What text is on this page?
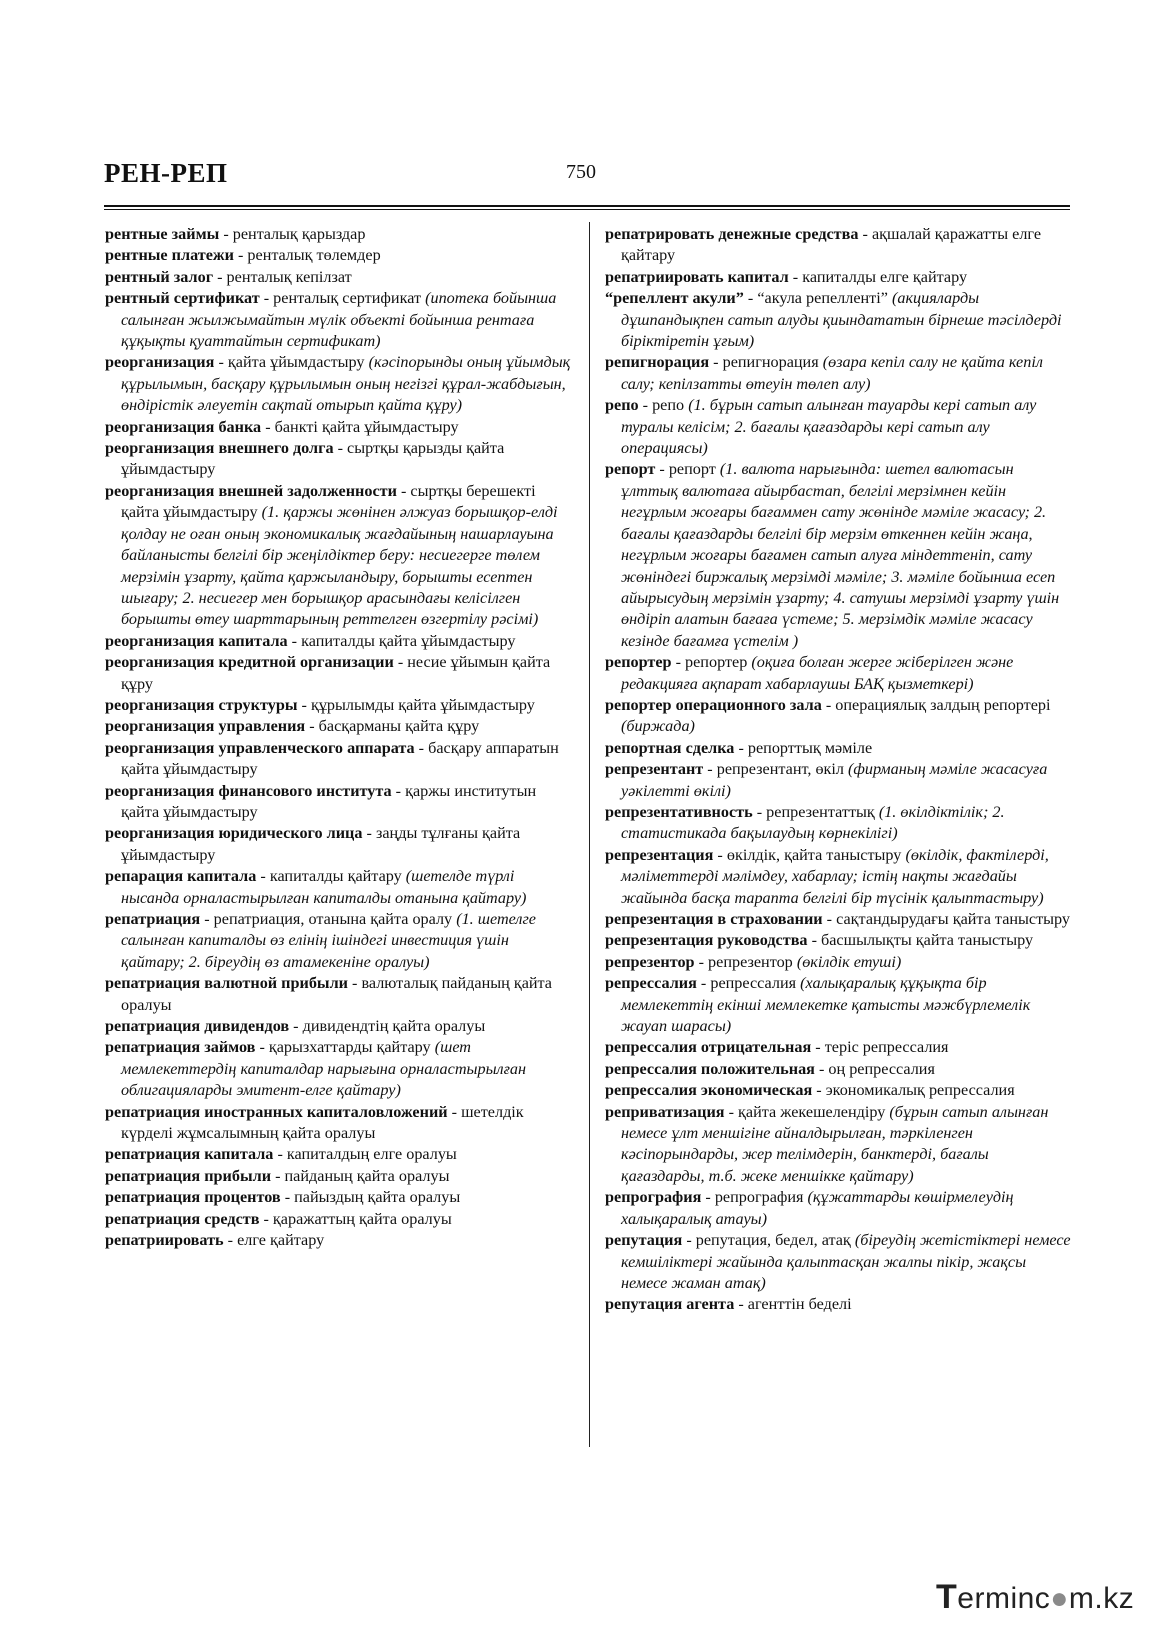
РЕН-РЕП	750

рентные займы - рентaлық қарыздар

рентные платежи - рентaлық төлемдер

рентный залог - рентaлық кепілзат

рентный сертификат - рентaлық сертификат (ипотека бойынша салынған жылжымайтын мүлік объекті бойынша рентаға құқықты қуаттайтын сертификат)

реорганизация - қайта ұйымдастыру (кәсіпорынды оның ұйымдық құрылымын, басқару құрылымын оның негізгі құрал-жабдығын, өндірістік әлеуетін сақтай отырып қайта құру)

реорганизация банка - банкті қайта ұйымдастыру

реорганизация внешнего долга - сыртқы қарызды қайта ұйымдастыру

реорганизация внешней задолженности - сыртқы берешекті қайта ұйымдастыру (1. қаржы жөнінен әлжуаз борышқор-елді қолдау не оған оның экономикалық жағдайының нашарлауына байланысты белгілі бір жеңілдіктер беру: несиегерге төлем мерзімін ұзарту, қайта қаржыландыру, борышты есептен шығару; 2. несиегер мен борышқор арасындағы келісілген борышты өтеу шарттарының реттелген өзгертілу рәсімі)

реорганизация капитала - капиталды қайта ұйымдастыру

реорганизация кредитной организации - несие ұйымын қайта құру

реорганизация структуры - құрылымды қайта ұйымдастыру

реорганизация управления - басқарманы қайта құру

реорганизация управленческого аппарата - басқару аппаратын қайта ұйымдастыру

реорганизация финансового института - қаржы институтын қайта ұйымдастыру

реорганизация юридического лица - заңды тұлғаны қайта ұйымдастыру

репарация капитала - капиталды қайтару (шетелде түрлі нысанда орналастырылған капиталды отанына қайтару)

репатриация - репатриация, отанына қайта оралу (1. шетелге салынған капиталды өз елінің ішіндегі инвестиция үшін қайтару; 2. біреудің өз атамекеніне оралуы)

репатриация валютной прибыли - валюталық пайданың қайта оралуы

репатриация дивидендов - дивидендтің қайта оралуы

репатриация займов - қарызхаттарды қайтару (шет мемлекеттердің капиталдар нарығына орналастырылған облигацияларды эмитент-елге қайтару)

репатриация иностранных капиталовложений - шетелдік күрделі жұмсалымның қайта оралуы

репатриация капитала - капиталдың елге оралуы

репатриация прибыли - пайданың қайта оралуы

репатриация процентов - пайыздың қайта оралуы

репатриация средств - қаражаттың қайта оралуы

репатриировать - елге қайтару

репатрировать денежные средства - ақшалай қаражатты елге қайтару

репатриировать капитал - капиталды елге қайтару

“репеллент акули” - “акула репелленті” (акцияларды дұшпандықпен сатып алуды қиындататын бірнеше тәсілдерді біріктіретін ұғым)

репигнорация - репигнорация (өзара кепіл салу не қайта кепіл салу; кепілзатты өтеуін төлеп алу)

репо - репо (1. бұрын сатып алынған тауарды кері сатып алу туралы келісім; 2. бағалы қағаздарды кері сатып алу операциясы)

репорт - репорт (1. валюта нарығында: шетел валютасын ұлттық валютаға айырбастап, белгілі мерзімнен кейін негұрлым жоғары бағаммен сату жөнінде мәміле жасасу; 2. бағалы қағаздарды белгілі бір мерзім өткеннен кейін жаңа, негұрлым жоғары бағамен сатып алуға міндеттеніп, сату жөніндегі биржалық мерзімді мәміле; 3. мәміле бойынша есеп айырысудың мерзімін ұзарту; 4. сатушы мерзімді ұзарту үшін өндіріп алатын бағаға үстеме; 5. мерзімдік мәміле жасасу кезінде бағамға үстелім )

репортер - репортер (оқиға болған жерге жіберілген және редакцияға ақпарат хабарлаушы БАҚ қызметкері)

репортер операционного зала - операциялық залдың репортері (биржада)

репортная сделка - репорттық мәміле

репрезентант - репрезентант, өкіл (фирманың мәміле жасасуға уәкілетті өкілі)

репрезентативность - репрезентаттық (1. өкілдіктілік; 2. статистикада бақылаудың көрнекілігі)

репрезентация - өкілдік, қайта таныстыру (өкілдік, фактілерді, мәліметтерді мәлімдеу, хабарлау; істің нақты жағдайы жайында басқа тарапта белгілі бір түсінік қалыптастыру)

репрезентация в страховании - сақтандырудағы қайта таныстыру

репрезентация руководства - басшылықты қайта таныстыру

репрезентор - репрезентор (өкілдік етуші)

репрессалия - репрессалия (халықаралық құқықта бір мемлекеттің екінші мемлекетке қатысты мәжбүрлемелік жауап шарасы)

репрессалия отрицательная - теріс репрессалия

репрессалия положительная - оң репрессалия

репрессалия экономическая - экономикалық репрессалия

реприватизация - қайта жекешелендіру (бұрын сатып алынған немесе ұлт меншігіне айналдырылған, тәркіленген кәсіпорындарды, жер телімдерін, банктерді, бағалы қағаздарды, т.б. жеке меншікке қайтару)

репрография - репрография (құжаттарды көшірмелеудің халықаралық атауы)

репутация - репутация, бедел, атақ (біреудің жетістіктері немесе кемшіліктері жайында қалыптасқан жалпы пікір, жақсы немесе жаман атақ)

репутация агента - агенттін беделі

Terminc●m.kz
